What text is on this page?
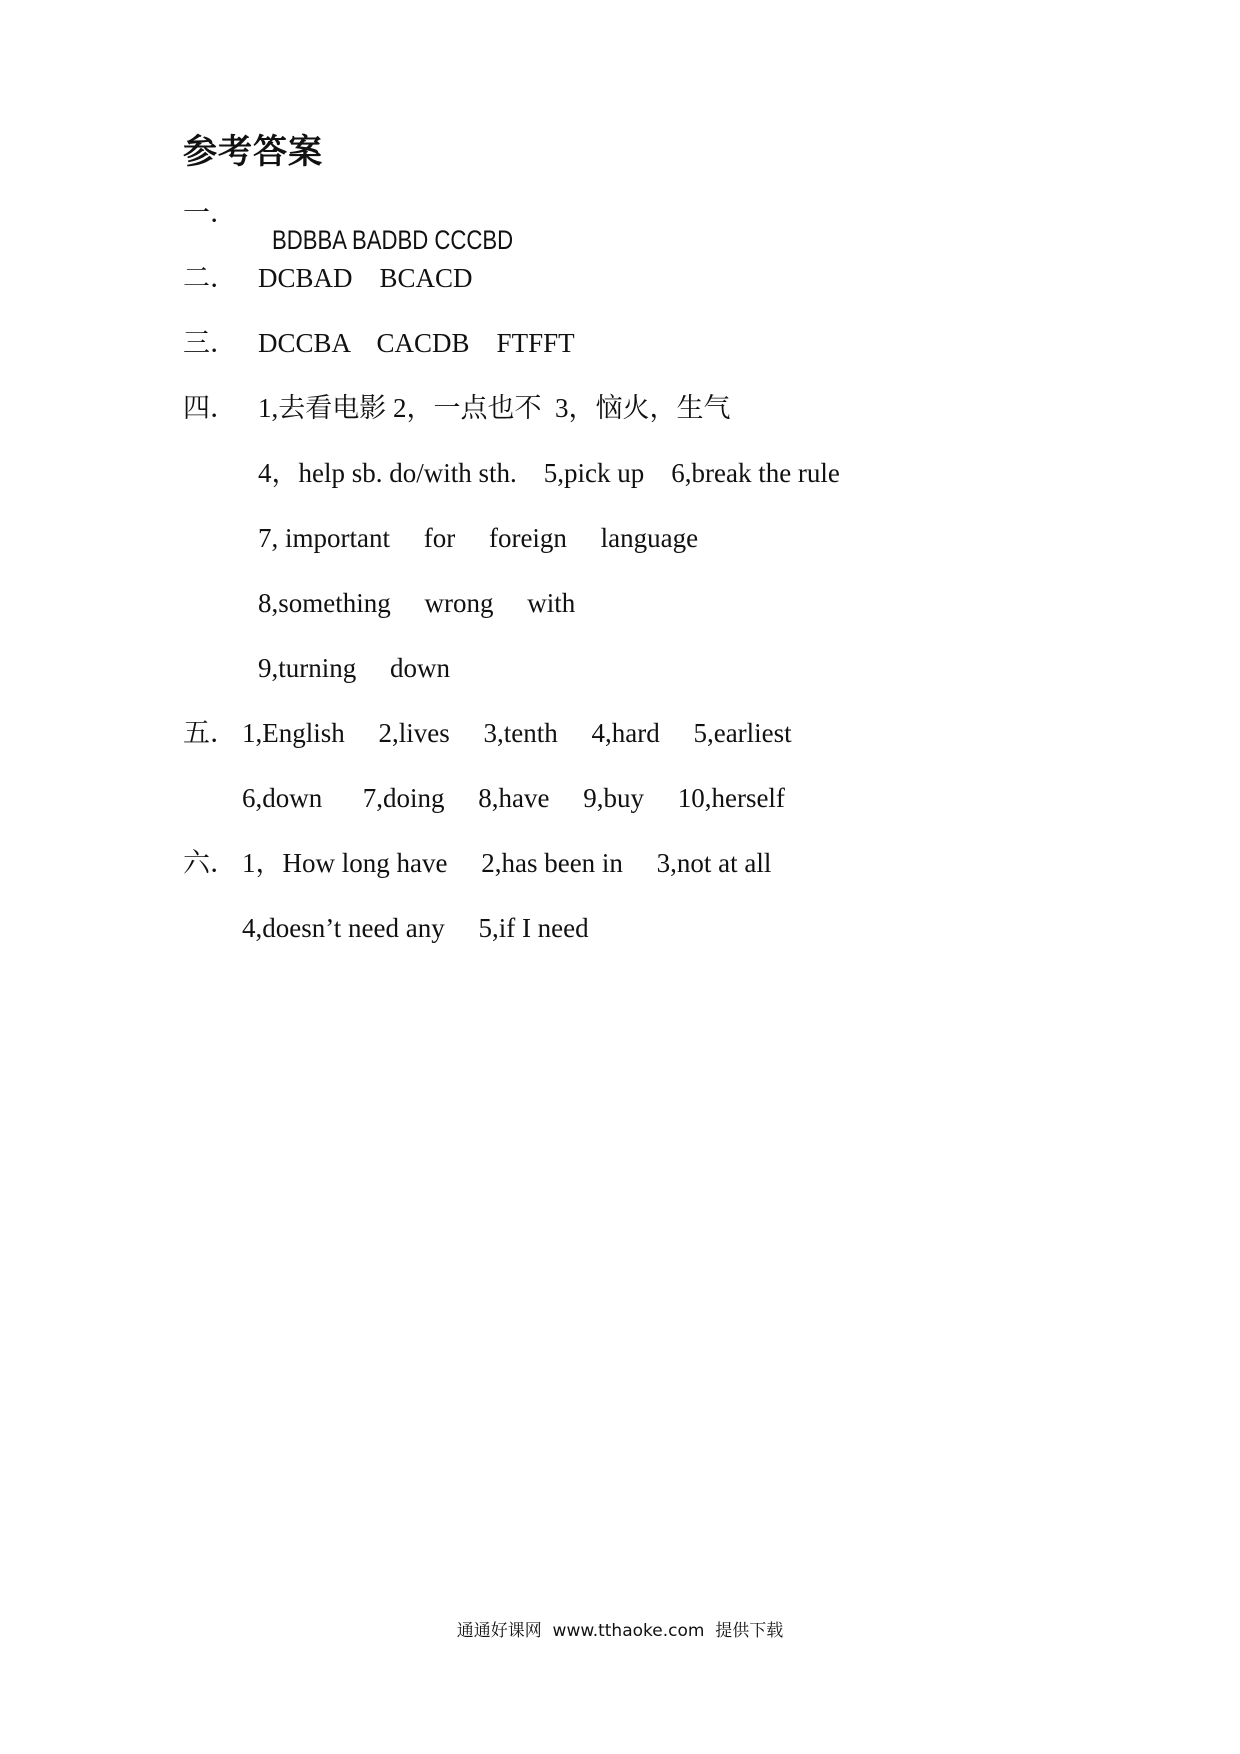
参考答案
一．

BDBBA BADBD CCCBD

二． DCBAD    BCACD
三． DCCBA    CACDB    FTFFT
四． 1,去看电影 2，一点也不  3，恼火，生气
4，help sb. do/with sth.    5,pick up    6,break the rule
7, important     for     foreign     language
8,something     wrong     with
9,turning     down
五． 1,English     2,lives     3,tenth     4,hard     5,earliest
6,down      7,doing     8,have     9,buy     10,herself
六． 1，How long have     2,has been in     3,not at all
4,doesn’t need any     5,if I need
通通好课网  www.tthaoke.com  提供下载
